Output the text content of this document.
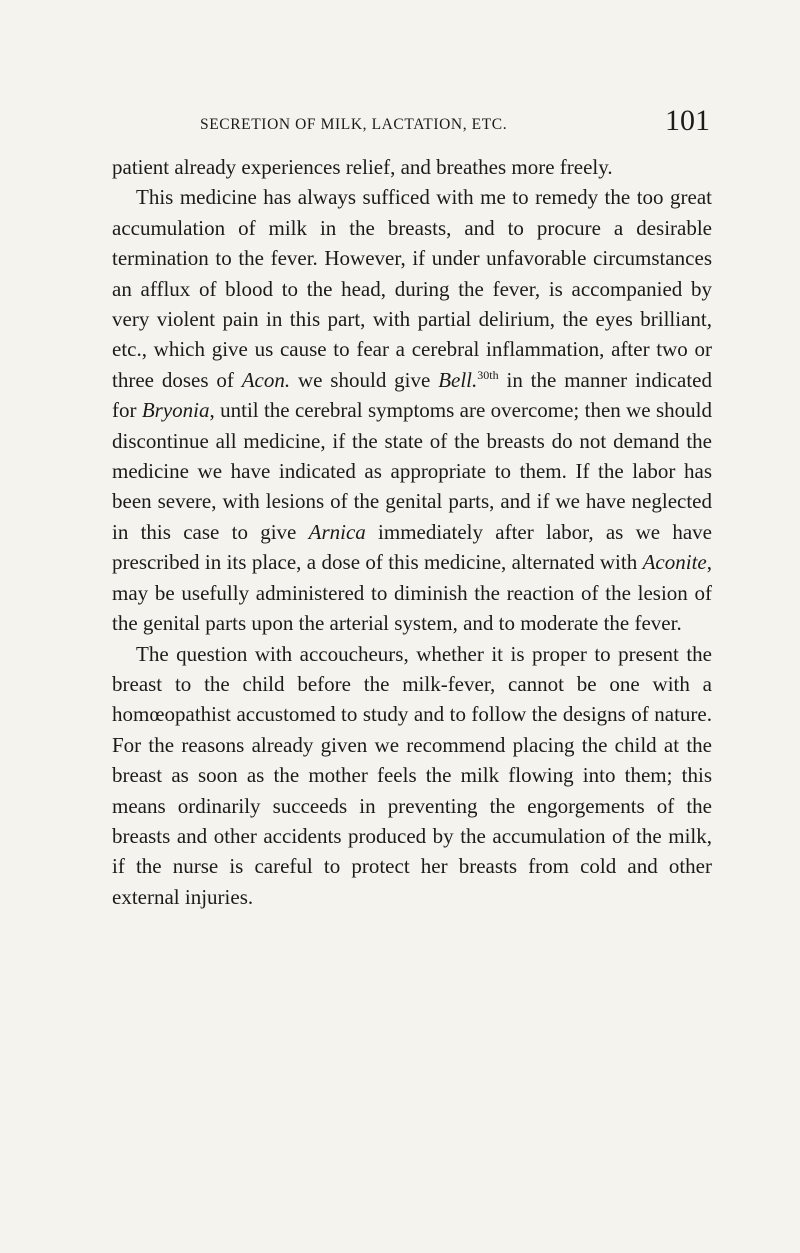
SECRETION OF MILK, LACTATION, ETC.	101

patient already experiences relief, and breathes more freely.

This medicine has always sufficed with me to remedy the too great accumulation of milk in the breasts, and to procure a desirable termination to the fever. However, if under unfavorable circumstances an afflux of blood to the head, during the fever, is accompanied by very violent pain in this part, with partial delirium, the eyes brilliant, etc., which give us cause to fear a cerebral inflammation, after two or three doses of Acon. we should give Bell.$^{30th}$ in the manner indicated for Bryonia, until the cerebral symptoms are overcome; then we should discontinue all medicine, if the state of the breasts do not demand the medicine we have indicated as appropriate to them. If the labor has been severe, with lesions of the genital parts, and if we have neglected in this case to give Arnica immediately after labor, as we have prescribed in its place, a dose of this medicine, alternated with Aconite, may be usefully administered to diminish the reaction of the lesion of the genital parts upon the arterial system, and to moderate the fever.

The question with accoucheurs, whether it is proper to present the breast to the child before the milk-fever, cannot be one with a homœopathist accustomed to study and to follow the designs of nature. For the reasons already given we recommend placing the child at the breast as soon as the mother feels the milk flowing into them; this means ordinarily succeeds in preventing the engorgements of the breasts and other accidents produced by the accumulation of the milk, if the nurse is careful to protect her breasts from cold and other external injuries.
